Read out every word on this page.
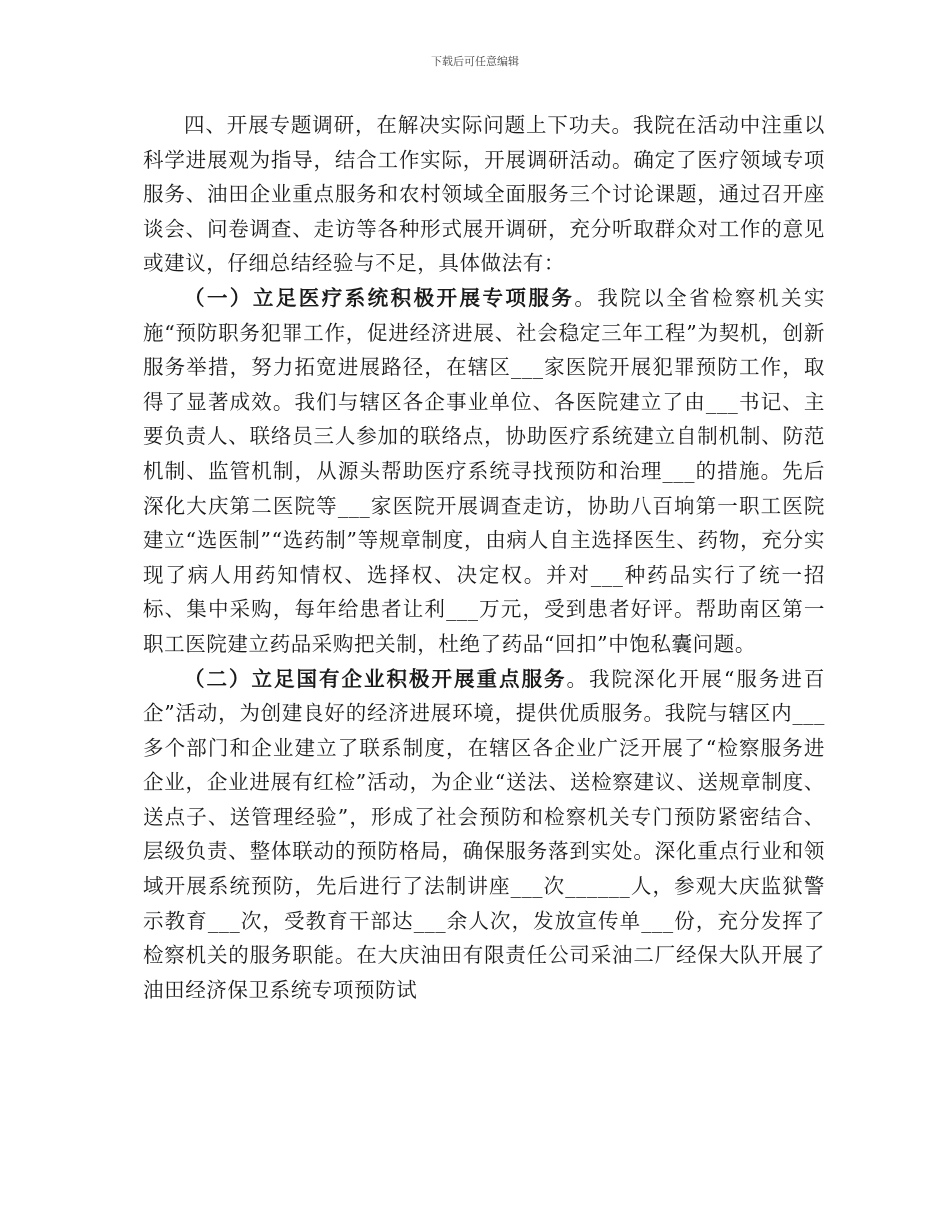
下载后可任意编辑

四、开展专题调研，在解决实际问题上下功夫。我院在活动中注重以科学进展观为指导，结合工作实际，开展调研活动。确定了医疗领域专项服务、油田企业重点服务和农村领域全面服务三个讨论课题，通过召开座谈会、问卷调查、走访等各种形式展开调研，充分听取群众对工作的意见或建议，仔细总结经验与不足，具体做法有：

（一）立足医疗系统积极开展专项服务。我院以全省检察机关实施“预防职务犯罪工作，促进经济进展、社会稳定三年工程”为契机，创新服务举措，努力拓宽进展路径，在辖区___家医院开展犯罪预防工作，取得了显著成效。我们与辖区各企事业单位、各医院建立了由___书记、主要负责人、联络员三人参加的联络点，协助医疗系统建立自制机制、防范机制、监管机制，从源头帮助医疗系统寻找预防和治理___的措施。先后深化大庆第二医院等___家医院开展调查走访，协助八百垧第一职工医院建立“选医制”“选药制”等规章制度，由病人自主选择医生、药物，充分实现了病人用药知情权、选择权、决定权。并对___种药品实行了统一招标、集中采购，每年给患者让利___万元，受到患者好评。帮助南区第一职工医院建立药品采购把关制，杜绝了药品“回扣”中饱私囊问题。

（二）立足国有企业积极开展重点服务。我院深化开展“服务进百企”活动，为创建良好的经济进展环境，提供优质服务。我院与辖区内___多个部门和企业建立了联系制度，在辖区各企业广泛开展了“检察服务进企业，企业进展有红检”活动，为企业“送法、送检察建议、送规章制度、送点子、送管理经验”，形成了社会预防和检察机关专门预防紧密结合、层级负责、整体联动的预防格局，确保服务落到实处。深化重点行业和领域开展系统预防，先后进行了法制讲座___次______人，参观大庆监狱警示教育___次，受教育干部达___余人次，发放宣传单___份，充分发挥了检察机关的服务职能。在大庆油田有限责任公司采油二厂经保大队开展了油田经济保卫系统专项预防试
